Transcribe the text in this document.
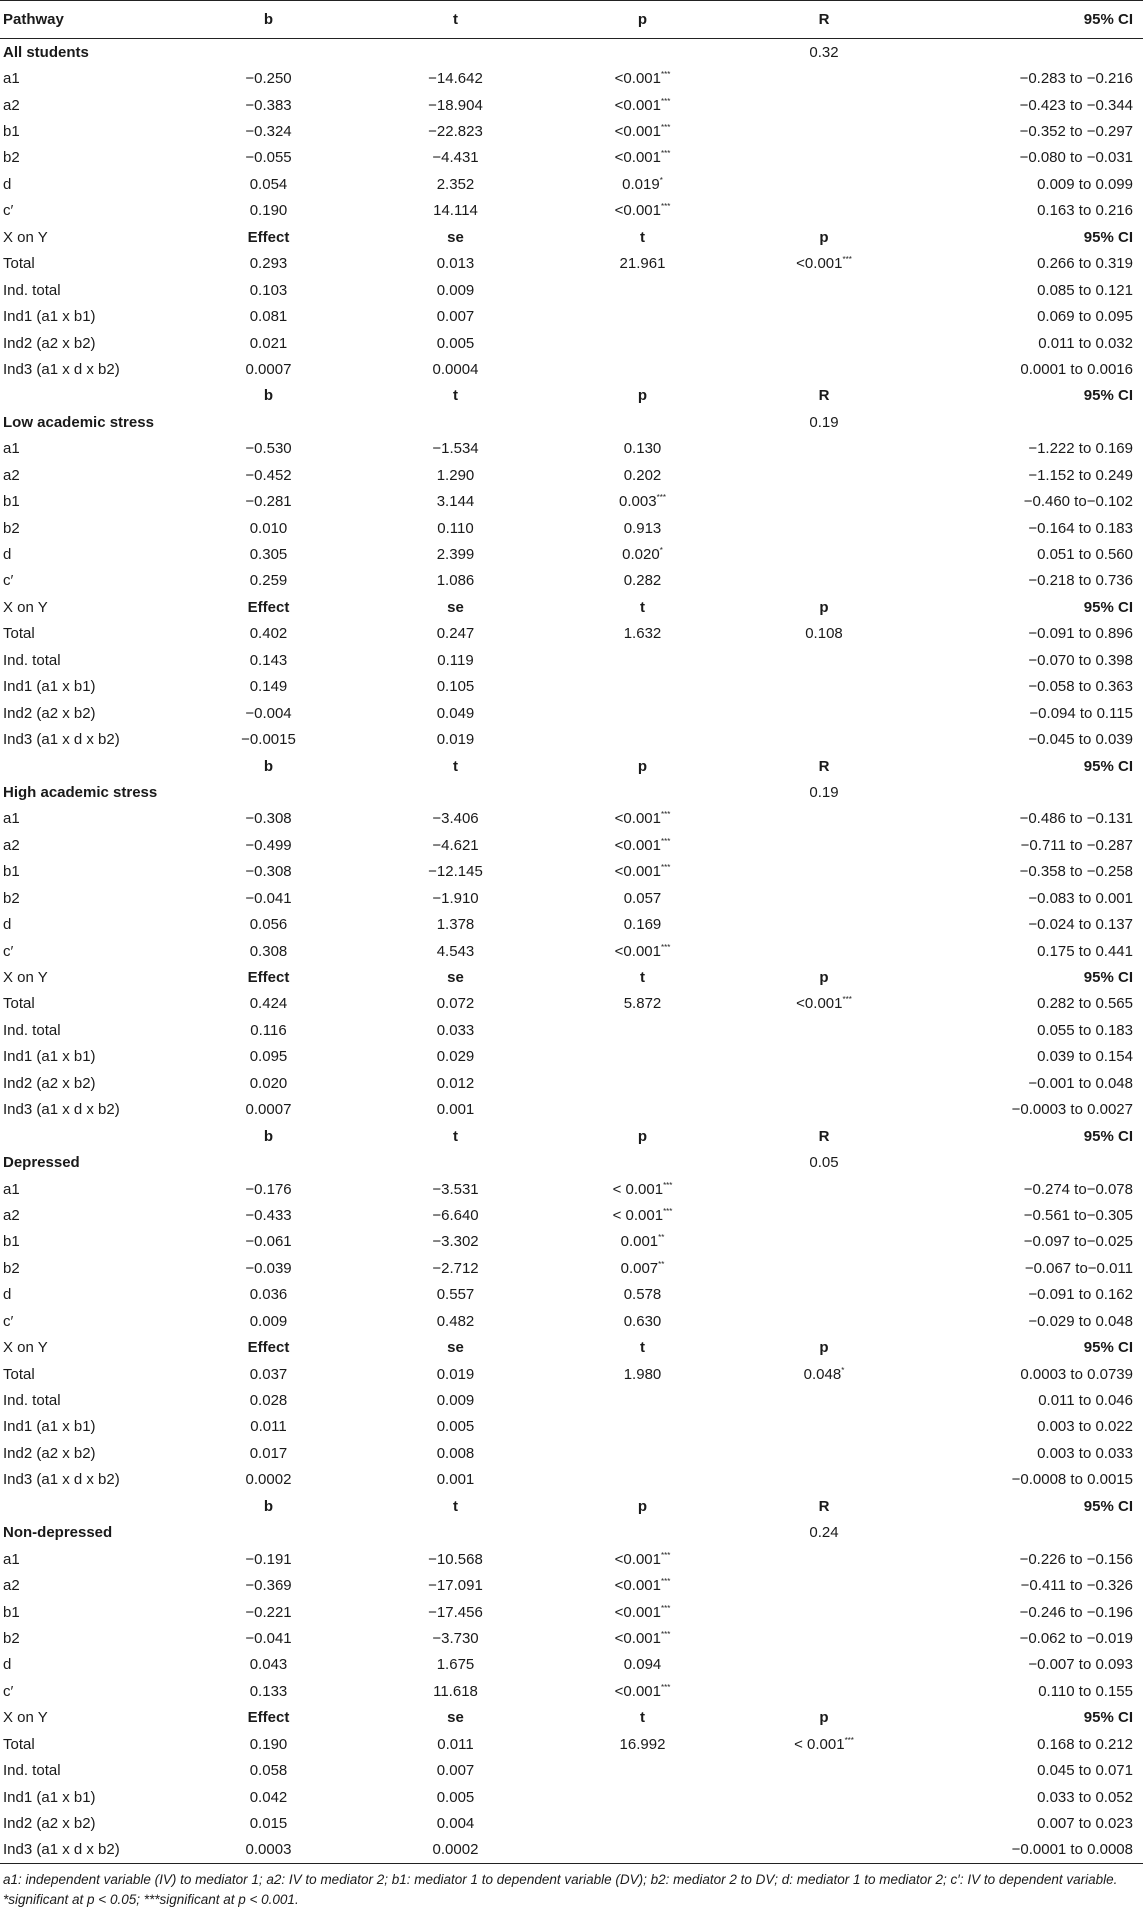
Pathway	b	t	p	R	95% CI
All students				0.32	
a1	−0.250	−14.642	<0.001***		−0.283 to −0.216
a2	−0.383	−18.904	<0.001***		−0.423 to −0.344
b1	−0.324	−22.823	<0.001***		−0.352 to −0.297
b2	−0.055	−4.431	<0.001***		−0.080 to −0.031
d	0.054	2.352	0.019*		0.009 to 0.099
c′	0.190	14.114	<0.001***		0.163 to 0.216
X on Y	Effect	se	t	p	95% CI
Total	0.293	0.013	21.961	<0.001***	0.266 to 0.319
Ind. total	0.103	0.009			0.085 to 0.121
Ind1 (a1 x b1)	0.081	0.007			0.069 to 0.095
Ind2 (a2 x b2)	0.021	0.005			0.011 to 0.032
Ind3 (a1 x d x b2)	0.0007	0.0004			0.0001 to 0.0016
	b	t	p	R	95% CI
Low academic stress				0.19	
a1	−0.530	−1.534	0.130		−1.222 to 0.169
a2	−0.452	1.290	0.202		−1.152 to 0.249
b1	−0.281	3.144	0.003***		−0.460 to−0.102
b2	0.010	0.110	0.913		−0.164 to 0.183
d	0.305	2.399	0.020*		0.051 to 0.560
c′	0.259	1.086	0.282		−0.218 to 0.736
X on Y	Effect	se	t	p	95% CI
Total	0.402	0.247	1.632	0.108	−0.091 to 0.896
Ind. total	0.143	0.119			−0.070 to 0.398
Ind1 (a1 x b1)	0.149	0.105			−0.058 to 0.363
Ind2 (a2 x b2)	−0.004	0.049			−0.094 to 0.115
Ind3 (a1 x d x b2)	−0.0015	0.019			−0.045 to 0.039
	b	t	p	R	95% CI
High academic stress				0.19	
a1	−0.308	−3.406	<0.001***		−0.486 to −0.131
a2	−0.499	−4.621	<0.001***		−0.711 to −0.287
b1	−0.308	−12.145	<0.001***		−0.358 to −0.258
b2	−0.041	−1.910	0.057		−0.083 to 0.001
d	0.056	1.378	0.169		−0.024 to 0.137
c′	0.308	4.543	<0.001***		0.175 to 0.441
X on Y	Effect	se	t	p	95% CI
Total	0.424	0.072	5.872	<0.001***	0.282 to 0.565
Ind. total	0.116	0.033			0.055 to 0.183
Ind1 (a1 x b1)	0.095	0.029			0.039 to 0.154
Ind2 (a2 x b2)	0.020	0.012			−0.001 to 0.048
Ind3 (a1 x d x b2)	0.0007	0.001			−0.0003 to 0.0027
	b	t	p	R	95% CI
Depressed				0.05	
a1	−0.176	−3.531	< 0.001***		−0.274 to−0.078
a2	−0.433	−6.640	< 0.001***		−0.561 to−0.305
b1	−0.061	−3.302	0.001**		−0.097 to−0.025
b2	−0.039	−2.712	0.007**		−0.067 to−0.011
d	0.036	0.557	0.578		−0.091 to 0.162
c′	0.009	0.482	0.630		−0.029 to 0.048
X on Y	Effect	se	t	p	95% CI
Total	0.037	0.019	1.980	0.048*	0.0003 to 0.0739
Ind. total	0.028	0.009			0.011 to 0.046
Ind1 (a1 x b1)	0.011	0.005			0.003 to 0.022
Ind2 (a2 x b2)	0.017	0.008			0.003 to 0.033
Ind3 (a1 x d x b2)	0.0002	0.001			−0.0008 to 0.0015
	b	t	p	R	95% CI
Non-depressed				0.24	
a1	−0.191	−10.568	<0.001***		−0.226 to −0.156
a2	−0.369	−17.091	<0.001***		−0.411 to −0.326
b1	−0.221	−17.456	<0.001***		−0.246 to −0.196
b2	−0.041	−3.730	<0.001***		−0.062 to −0.019
d	0.043	1.675	0.094		−0.007 to 0.093
c′	0.133	11.618	<0.001***		0.110 to 0.155
X on Y	Effect	se	t	p	95% CI
Total	0.190	0.011	16.992	< 0.001***	0.168 to 0.212
Ind. total	0.058	0.007			0.045 to 0.071
Ind1 (a1 x b1)	0.042	0.005			0.033 to 0.052
Ind2 (a2 x b2)	0.015	0.004			0.007 to 0.023
Ind3 (a1 x d x b2)	0.0003	0.0002			−0.0001 to 0.0008
a1: independent variable (IV) to mediator 1; a2: IV to mediator 2; b1: mediator 1 to dependent variable (DV); b2: mediator 2 to DV; d: mediator 1 to mediator 2; c′: IV to dependent variable. *significant at p < 0.05; ***significant at p < 0.001.
